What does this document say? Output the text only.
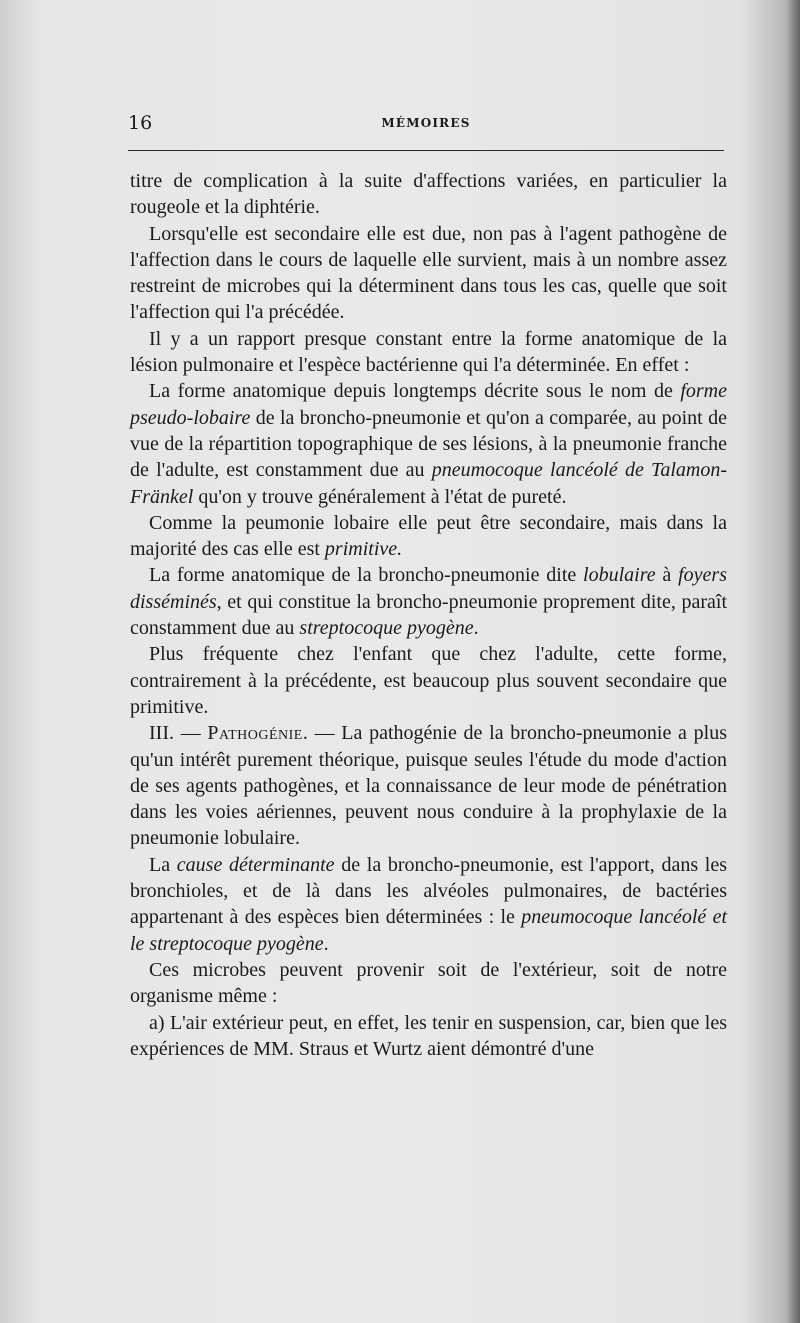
16	MÉMOIRES

titre de complication à la suite d'affections variées, en particulier la rougeole et la diphtérie.

Lorsqu'elle est secondaire elle est due, non pas à l'agent pathogène de l'affection dans le cours de laquelle elle survient, mais à un nombre assez restreint de microbes qui la déterminent dans tous les cas, quelle que soit l'affection qui l'a précédée.

Il y a un rapport presque constant entre la forme anatomique de la lésion pulmonaire et l'espèce bactérienne qui l'a déterminée. En effet :

La forme anatomique depuis longtemps décrite sous le nom de forme pseudo-lobaire de la broncho-pneumonie et qu'on a comparée, au point de vue de la répartition topographique de ses lésions, à la pneumonie franche de l'adulte, est constamment due au pneumocoque lancéolé de Talamon-Fränkel qu'on y trouve généralement à l'état de pureté.

Comme la peumonie lobaire elle peut être secondaire, mais dans la majorité des cas elle est primitive.

La forme anatomique de la broncho-pneumonie dite lobulaire à foyers disséminés, et qui constitue la broncho-pneumonie proprement dite, paraît constamment due au streptocoque pyogène.

Plus fréquente chez l'enfant que chez l'adulte, cette forme, contrairement à la précédente, est beaucoup plus souvent secondaire que primitive.

III. — Pathogénie. — La pathogénie de la broncho-pneumonie a plus qu'un intérêt purement théorique, puisque seules l'étude du mode d'action de ses agents pathogènes, et la connaissance de leur mode de pénétration dans les voies aériennes, peuvent nous conduire à la prophylaxie de la pneumonie lobulaire.

La cause déterminante de la broncho-pneumonie, est l'apport, dans les bronchioles, et de là dans les alvéoles pulmonaires, de bactéries appartenant à des espèces bien déterminées : le pneumocoque lancéolé et le streptocoque pyogène.

Ces microbes peuvent provenir soit de l'extérieur, soit de notre organisme même :

a) L'air extérieur peut, en effet, les tenir en suspension, car, bien que les expériences de MM. Straus et Wurtz aient démontré d'une
